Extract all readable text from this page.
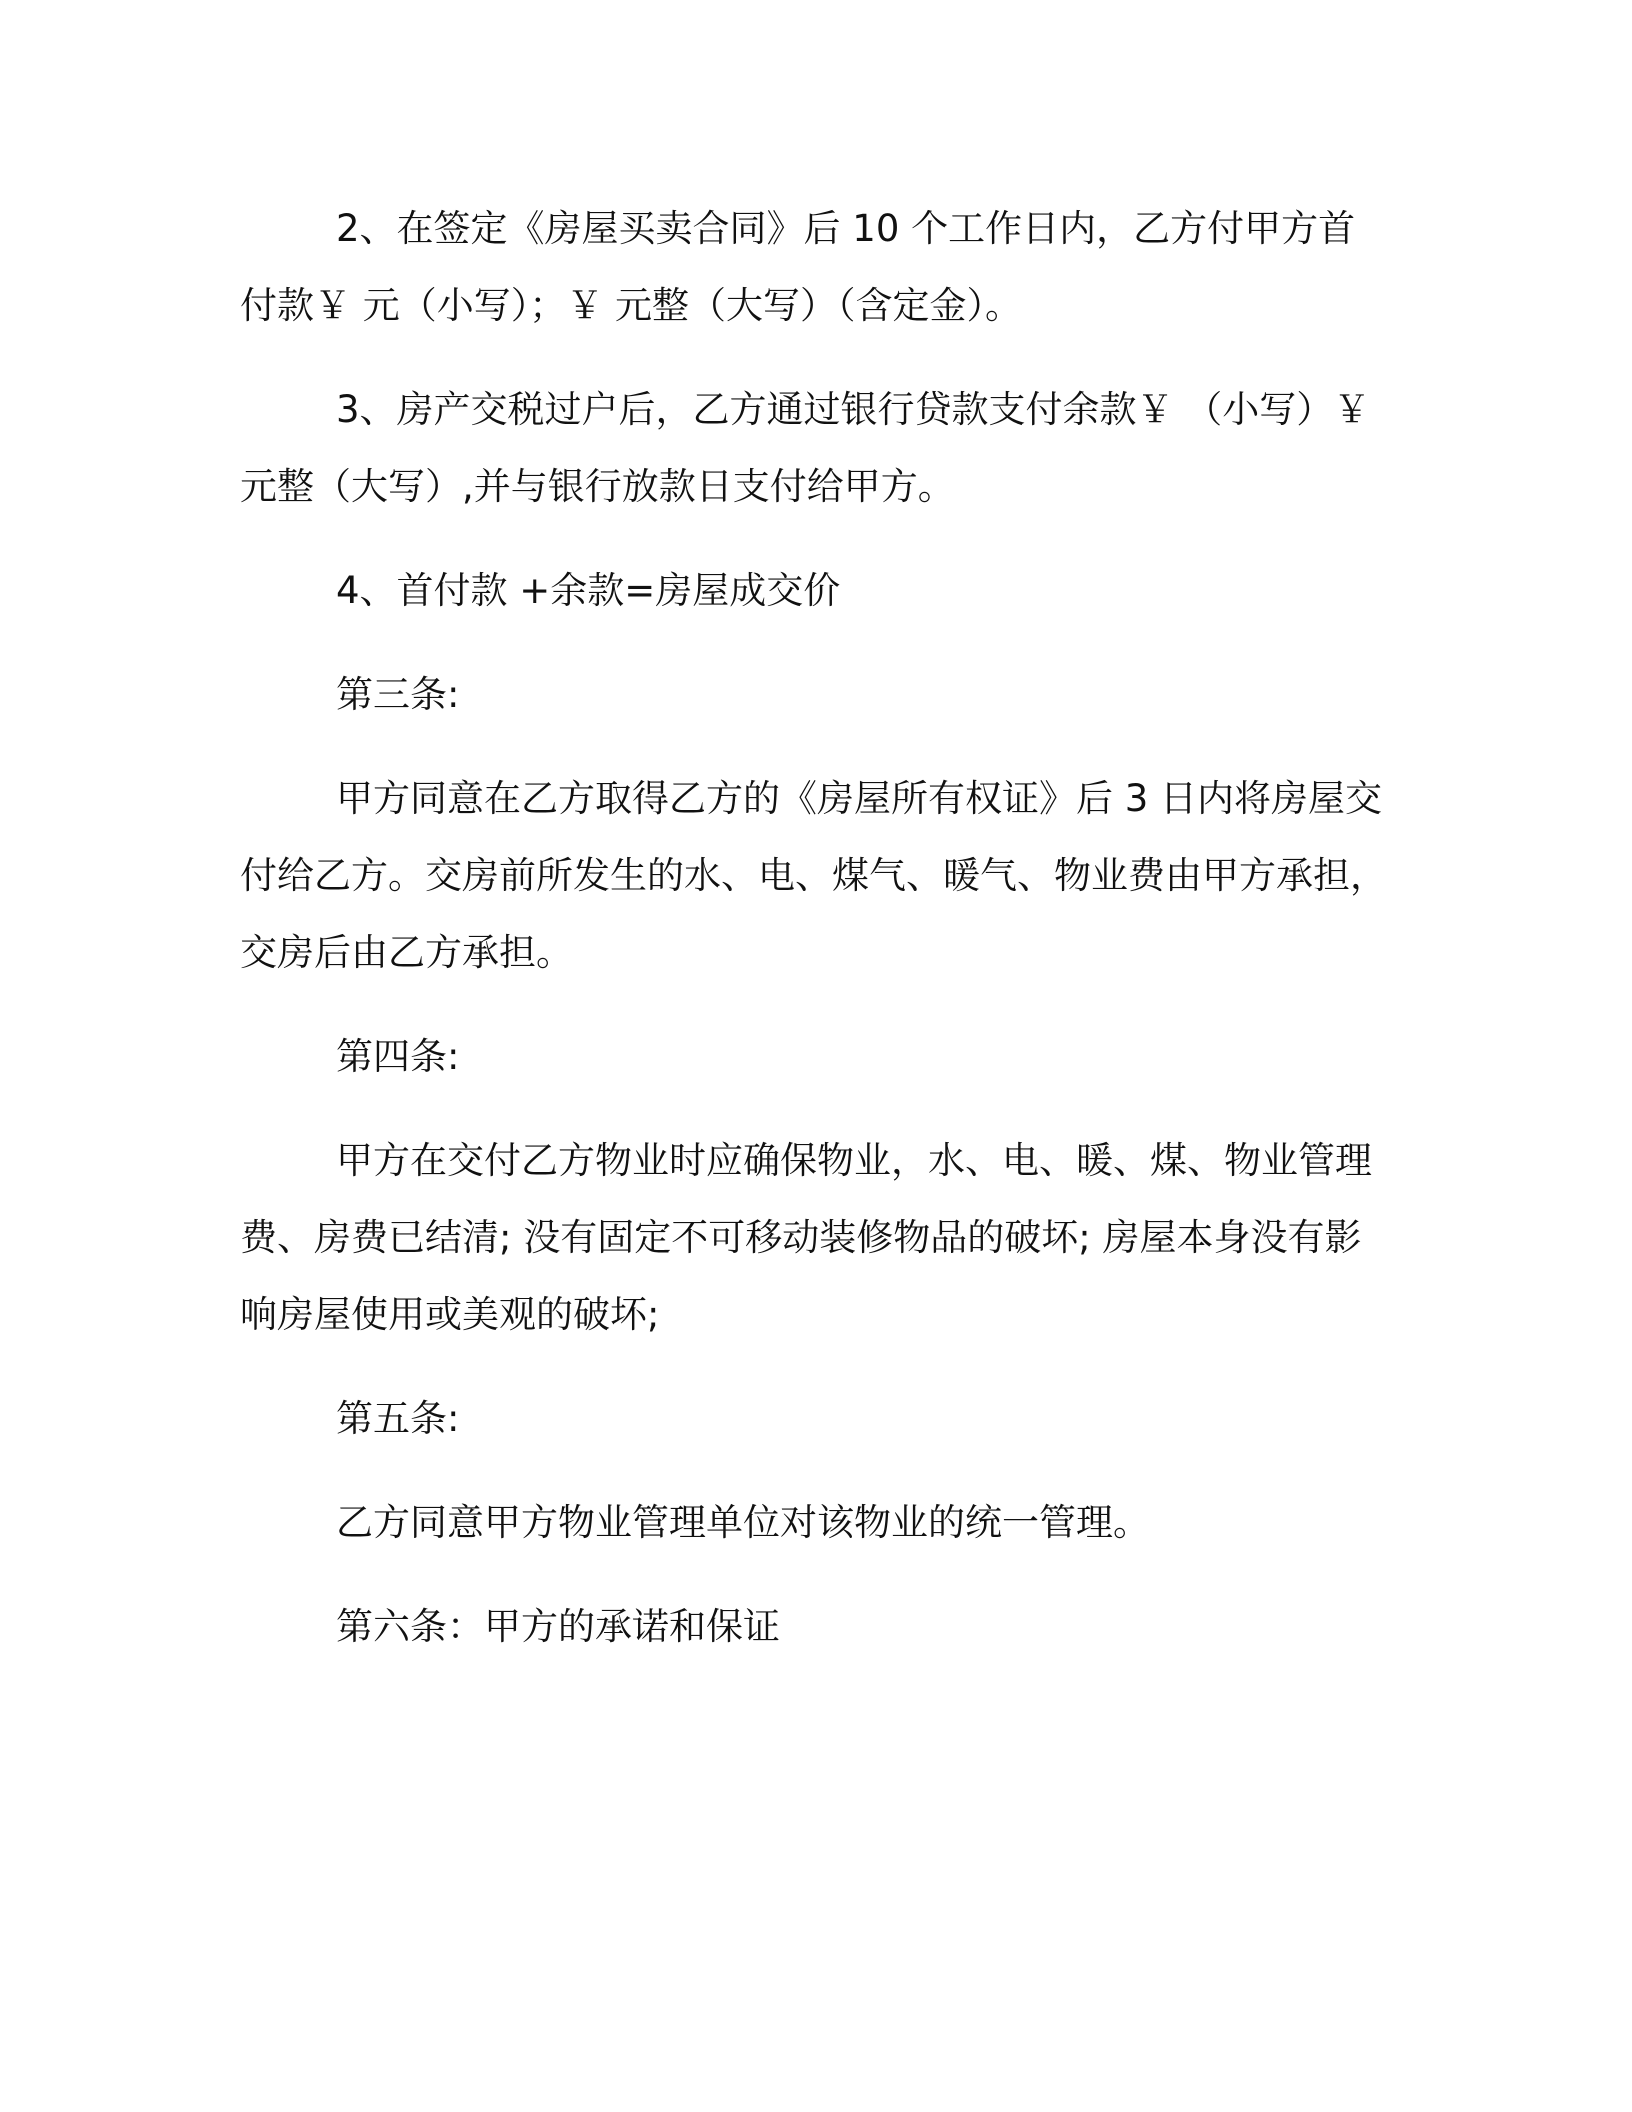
2、在签定《房屋买卖合同》后 10 个工作日内，乙方付甲方首付款￥ 元（小写）；￥ 元整（大写）（含定金）。

3、房产交税过户后，乙方通过银行贷款支付余款￥ （小写）￥ 元整（大写）,并与银行放款日支付给甲方。

4、首付款 +余款=房屋成交价

第三条:

甲方同意在乙方取得乙方的《房屋所有权证》后 3 日内将房屋交付给乙方。交房前所发生的水、电、煤气、暖气、物业费由甲方承担，交房后由乙方承担。

第四条:

甲方在交付乙方物业时应确保物业，水、电、暖、煤、物业管理费、房费已结清; 没有固定不可移动装修物品的破坏; 房屋本身没有影响房屋使用或美观的破坏;

第五条:

乙方同意甲方物业管理单位对该物业的统一管理。

第六条：甲方的承诺和保证
